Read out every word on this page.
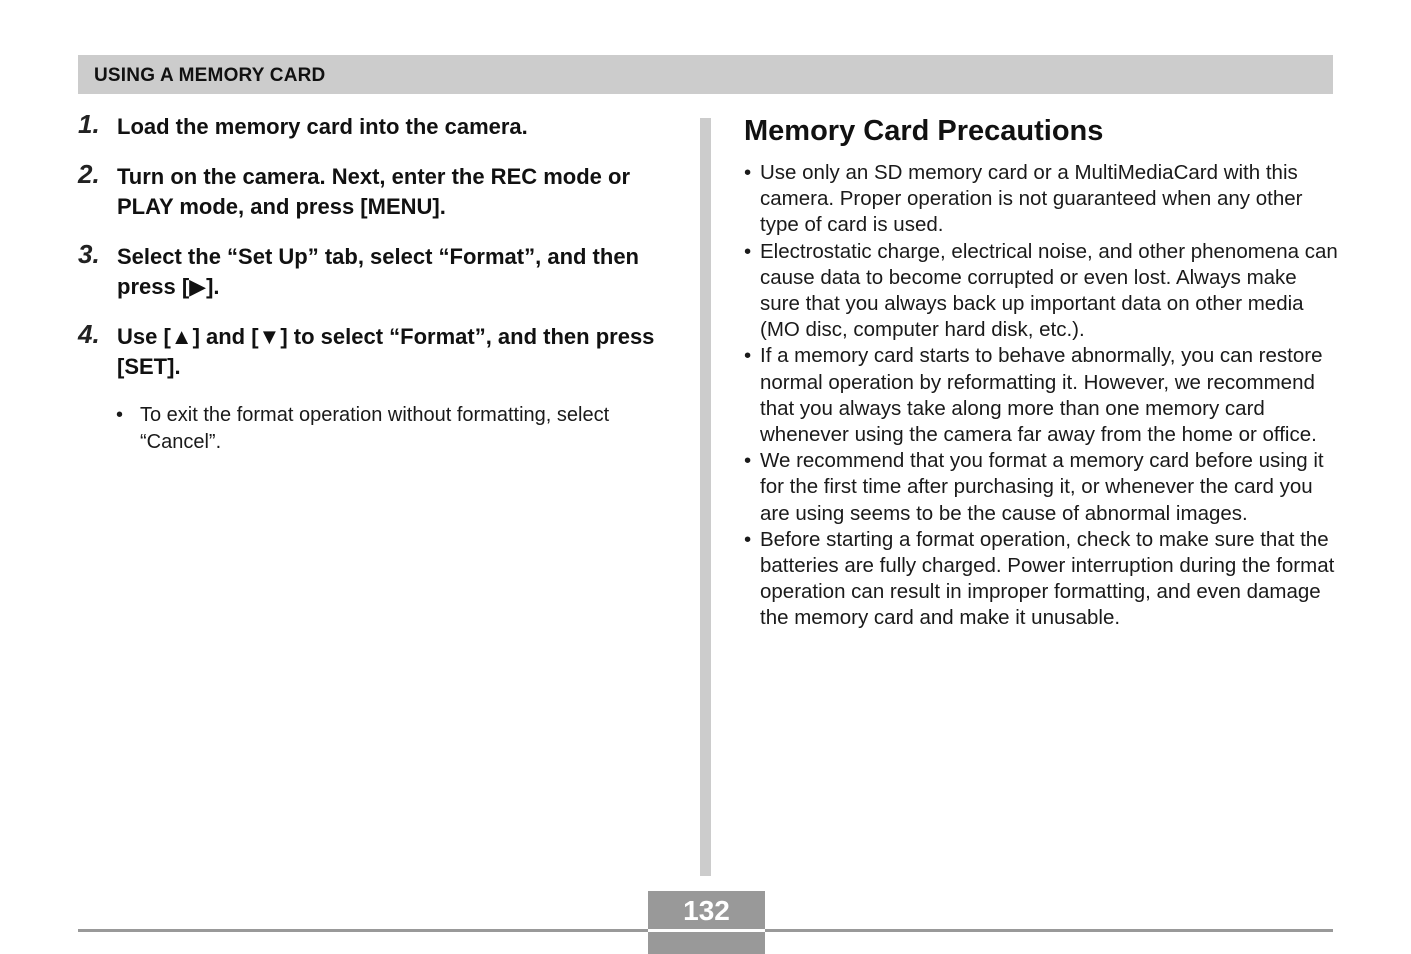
USING A MEMORY CARD
1. Load the memory card into the camera.
2. Turn on the camera. Next, enter the REC mode or PLAY mode, and press [MENU].
3. Select the “Set Up” tab, select “Format”, and then press [▶].
4. Use [▲] and [▼] to select “Format”, and then press [SET].
• To exit the format operation without formatting, select “Cancel”.
Memory Card Precautions
• Use only an SD memory card or a MultiMediaCard with this camera. Proper operation is not guaranteed when any other type of card is used.
• Electrostatic charge, electrical noise, and other phenomena can cause data to become corrupted or even lost. Always make sure that you always back up important data on other media (MO disc, computer hard disk, etc.).
• If a memory card starts to behave abnormally, you can restore normal operation by reformatting it. However, we recommend that you always take along more than one memory card whenever using the camera far away from the home or office.
• We recommend that you format a memory card before using it for the first time after purchasing it, or whenever the card you are using seems to be the cause of abnormal images.
• Before starting a format operation, check to make sure that the batteries are fully charged. Power interruption during the format operation can result in improper formatting, and even damage the memory card and make it unusable.
132
